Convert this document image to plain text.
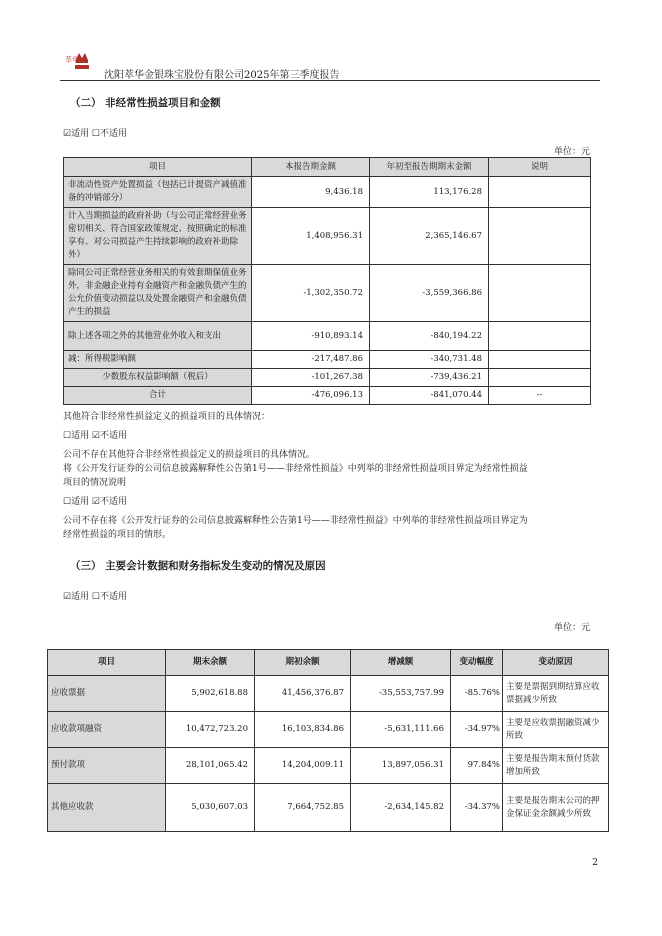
萃华
沈阳萃华金银珠宝股份有限公司2025年第三季度报告
（二） 非经常性损益项目和金额
☑适用 ☐不适用
单位：元
项目	本报告期金额	年初至报告期期末金额	说明
非流动性资产处置损益（包括已计提资产减值准备的冲销部分）	9,436.18	113,176.28	
计入当期损益的政府补助（与公司正常经营业务密切相关、符合国家政策规定、按照确定的标准享有、对公司损益产生持续影响的政府补助除外）	1,408,956.31	2,365,146.67	
除同公司正常经营业务相关的有效套期保值业务外，非金融企业持有金融资产和金融负债产生的公允价值变动损益以及处置金融资产和金融负债产生的损益	-1,302,350.72	-3,559,366.86	
除上述各项之外的其他营业外收入和支出	-910,893.14	-840,194.22	
减：所得税影响额	-217,487.86	-340,731.48	
少数股东权益影响额（税后）	-101,267.38	-739,436.21	
合计	-476,096.13	-841,070.44	--
其他符合非经常性损益定义的损益项目的具体情况：
☐适用 ☑不适用
公司不存在其他符合非经常性损益定义的损益项目的具体情况。
将《公开发行证券的公司信息披露解释性公告第1号——非经常性损益》中列举的非经常性损益项目界定为经常性损益
项目的情况说明
☐适用 ☑不适用
公司不存在将《公开发行证券的公司信息披露解释性公告第1号——非经常性损益》中列举的非经常性损益项目界定为
经常性损益的项目的情形。
（三） 主要会计数据和财务指标发生变动的情况及原因
☑适用 ☐不适用
单位：元
项目	期末余额	期初余额	增减额	变动幅度	变动原因
应收票据	5,902,618.88	41,456,376.87	-35,553,757.99	-85.76%	主要是票据到期结算应收票据减少所致
应收款项融资	10,472,723.20	16,103,834.86	-5,631,111.66	-34.97%	主要是应收票据融资减少所致
预付款项	28,101,065.42	14,204,009.11	13,897,056.31	97.84%	主要是报告期末预付货款增加所致
其他应收款	5,030,607.03	7,664,752.85	-2,634,145.82	-34.37%	主要是报告期末公司的押金保证金余额减少所致
2
